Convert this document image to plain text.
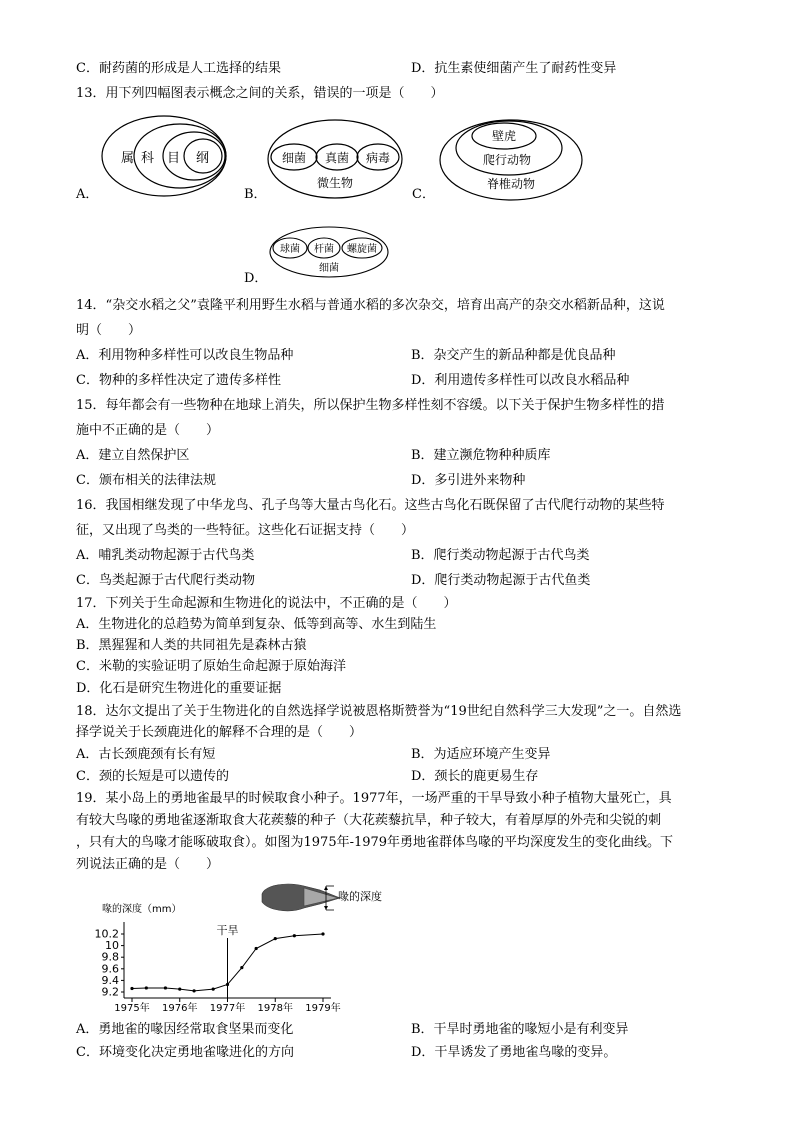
C．耐药菌的形成是人工选择的结果	D．抗生素使细菌产生了耐药性变异
13．用下列四幅图表示概念之间的关系，错误的一项是（　　）
A．
属 科 目 纲
B．
细菌 真菌 病毒
微生物
C．
壁虎
爬行动物
脊椎动物
D．
球菌 杆菌 螺旋菌
细菌
14．“杂交水稻之父”袁隆平利用野生水稻与普通水稻的多次杂交，培育出高产的杂交水稻新品种，这说
明（　　）
A．利用物种多样性可以改良生物品种	B．杂交产生的新品种都是优良品种
C．物种的多样性决定了遗传多样性	D．利用遗传多样性可以改良水稻品种
15．每年都会有一些物种在地球上消失，所以保护生物多样性刻不容缓。以下关于保护生物多样性的措
施中不正确的是（　　）
A．建立自然保护区	B．建立濒危物种种质库
C．颁布相关的法律法规	D．多引进外来物种
16．我国相继发现了中华龙鸟、孔子鸟等大量古鸟化石。这些古鸟化石既保留了古代爬行动物的某些特
征，又出现了鸟类的一些特征。这些化石证据支持（　　）
A．哺乳类动物起源于古代鸟类	B．爬行类动物起源于古代鸟类
C．鸟类起源于古代爬行类动物	D．爬行类动物起源于古代鱼类
17．下列关于生命起源和生物进化的说法中，不正确的是（　　）
A．生物进化的总趋势为简单到复杂、低等到高等、水生到陆生
B．黑猩猩和人类的共同祖先是森林古猿
C．米勒的实验证明了原始生命起源于原始海洋
D．化石是研究生物进化的重要证据
18．达尔文提出了关于生物进化的自然选择学说被恩格斯赞誉为“19世纪自然科学三大发现”之一。自然选
择学说关于长颈鹿进化的解释不合理的是（　　）
A．古长颈鹿颈有长有短	B．为适应环境产生变异
C．颈的长短是可以遗传的	D．颈长的鹿更易生存
19．某小岛上的勇地雀最早的时候取食小种子。1977年，一场严重的干旱导致小种子植物大量死亡，具
有较大鸟喙的勇地雀逐渐取食大花蒺藜的种子（大花蒺藜抗旱，种子较大，有着厚厚的外壳和尖锐的刺
，只有大的鸟喙才能啄破取食）。如图为1975年-1979年勇地雀群体鸟喙的平均深度发生的变化曲线。下
列说法正确的是（　　）
喙的深度
喙的深度（mm）
干旱
10.2
10
9.8
9.6
9.4
9.2
1975年 1976年 1977年 1978年 1979年
A．勇地雀的喙因经常取食坚果而变化	B．干旱时勇地雀的喙短小是有利变异
C．环境变化决定勇地雀喙进化的方向	D．干旱诱发了勇地雀鸟喙的变异。
